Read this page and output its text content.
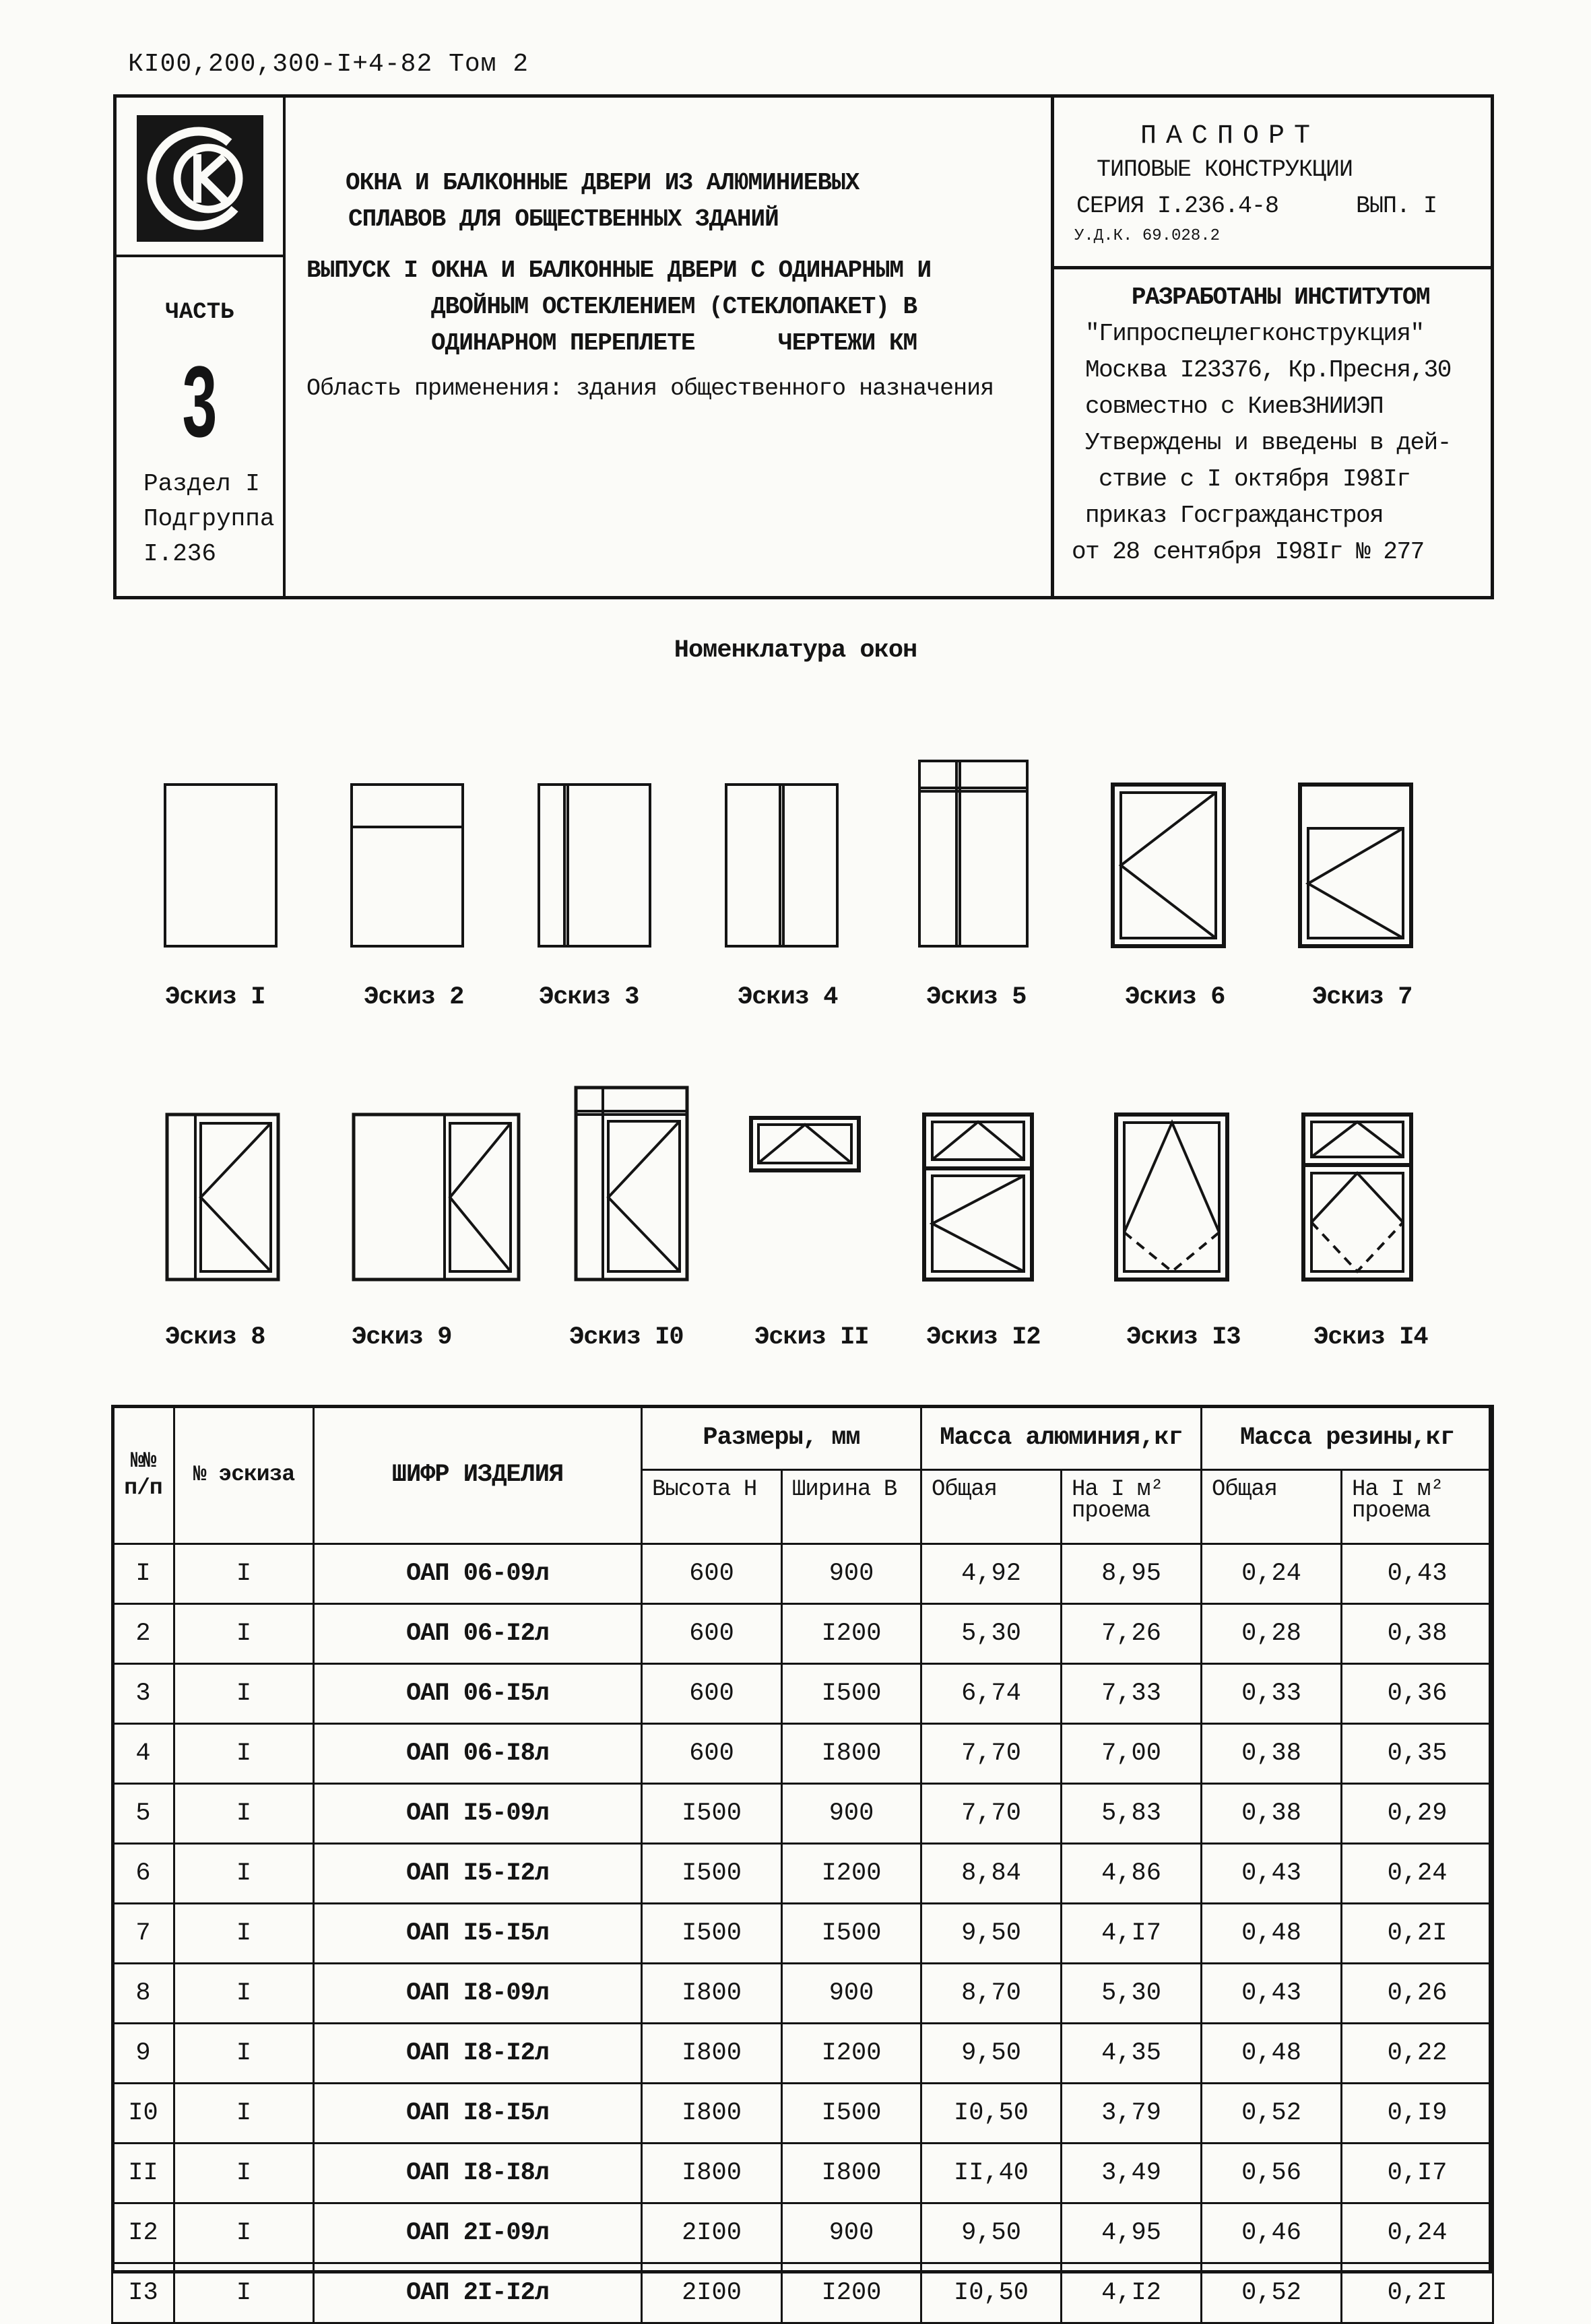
КI00,200,300-I+4-82 Том 2
ЧАСТЬ
3
Раздел I
Подгруппа
I.236
ОКНА И БАЛКОННЫЕ ДВЕРИ ИЗ АЛЮМИНИЕВЫХ
СПЛАВОВ ДЛЯ ОБЩЕСТВЕННЫХ ЗДАНИЙ
ВЫПУСК I ОКНА И БАЛКОННЫЕ ДВЕРИ С ОДИНАРНЫМ И
ДВОЙНЫМ ОСТЕКЛЕНИЕМ (СТЕКЛОПАКЕТ) В
ОДИНАРНОМ ПЕРЕПЛЕТЕ      ЧЕРТЕЖИ КМ
Область применения: здания общественного назначения
ПАСПОРТ
ТИПОВЫЕ КОНСТРУКЦИИ
СЕРИЯ I.236.4-8	ВЫП. I
У.Д.К. 69.028.2
РАЗРАБОТАНЫ ИНСТИТУТОМ
"Гипроспецлегконструкция"
Москва I23376, Кр.Пресня,30
совместно с КиевЗНИИЭП
Утверждены и введены в дей-
ствие с I октября I98Iг
приказ Госгражданстроя
от 28 сентября I98Iг № 277
Номенклатура окон
Эскиз I	Эскиз 2	Эскиз 3	Эскиз 4	Эскиз 5	Эскиз 6	Эскиз 7
Эскиз 8	Эскиз 9	Эскиз I0	Эскиз II Эскиз I2	Эскиз I3	Эскиз I4
№№ п/п	№ эскиза	ШИФР ИЗДЕЛИЯ	Размеры, мм		Масса алюминия,кг		Масса резины,кг	
			Высота Н	Ширина В	Общая	На I м² проема	Общая	На I м² проема
I	I	ОАП 06-09л	600	900	4,92	8,95	0,24	0,43
2	I	ОАП 06-I2л	600	I200	5,30	7,26	0,28	0,38
3	I	ОАП 06-I5л	600	I500	6,74	7,33	0,33	0,36
4	I	ОАП 06-I8л	600	I800	7,70	7,00	0,38	0,35
5	I	ОАП I5-09л	I500	900	7,70	5,83	0,38	0,29
6	I	ОАП I5-I2л	I500	I200	8,84	4,86	0,43	0,24
7	I	ОАП I5-I5л	I500	I500	9,50	4,I7	0,48	0,2I
8	I	ОАП I8-09л	I800	900	8,70	5,30	0,43	0,26
9	I	ОАП I8-I2л	I800	I200	9,50	4,35	0,48	0,22
I0	I	ОАП I8-I5л	I800	I500	I0,50	3,79	0,52	0,I9
II	I	ОАП I8-I8л	I800	I800	II,40	3,49	0,56	0,I7
I2	I	ОАП 2I-09л	2I00	900	9,50	4,95	0,46	0,24
I3	I	ОАП 2I-I2л	2I00	I200	I0,50	4,I2	0,52	0,2I
